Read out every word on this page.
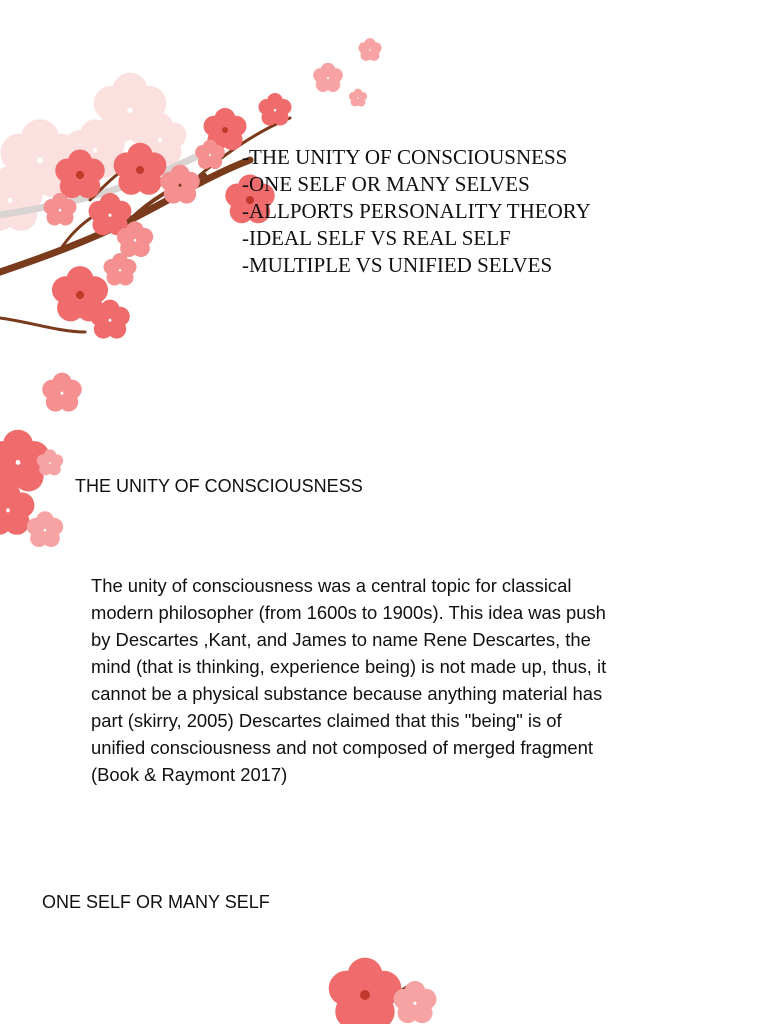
-THE UNITY OF CONSCIOUSNESS
-ONE SELF OR MANY SELVES
-ALLPORTS PERSONALITY THEORY
-IDEAL SELF VS REAL SELF
-MULTIPLE VS UNIFIED SELVES
THE UNITY OF CONSCIOUSNESS

The unity of consciousness was a central topic for classical
modern philosopher (from 1600s to 1900s). This idea was push
by Descartes ,Kant, and James to name Rene Descartes, the
mind (that is thinking, experience being) is not made up, thus, it
cannot be a physical substance because anything material has
part (skirry, 2005) Descartes claimed that this "being" is of
unified consciousness and not composed of merged fragment
(Book & Raymont 2017)

ONE SELF OR MANY SELF
